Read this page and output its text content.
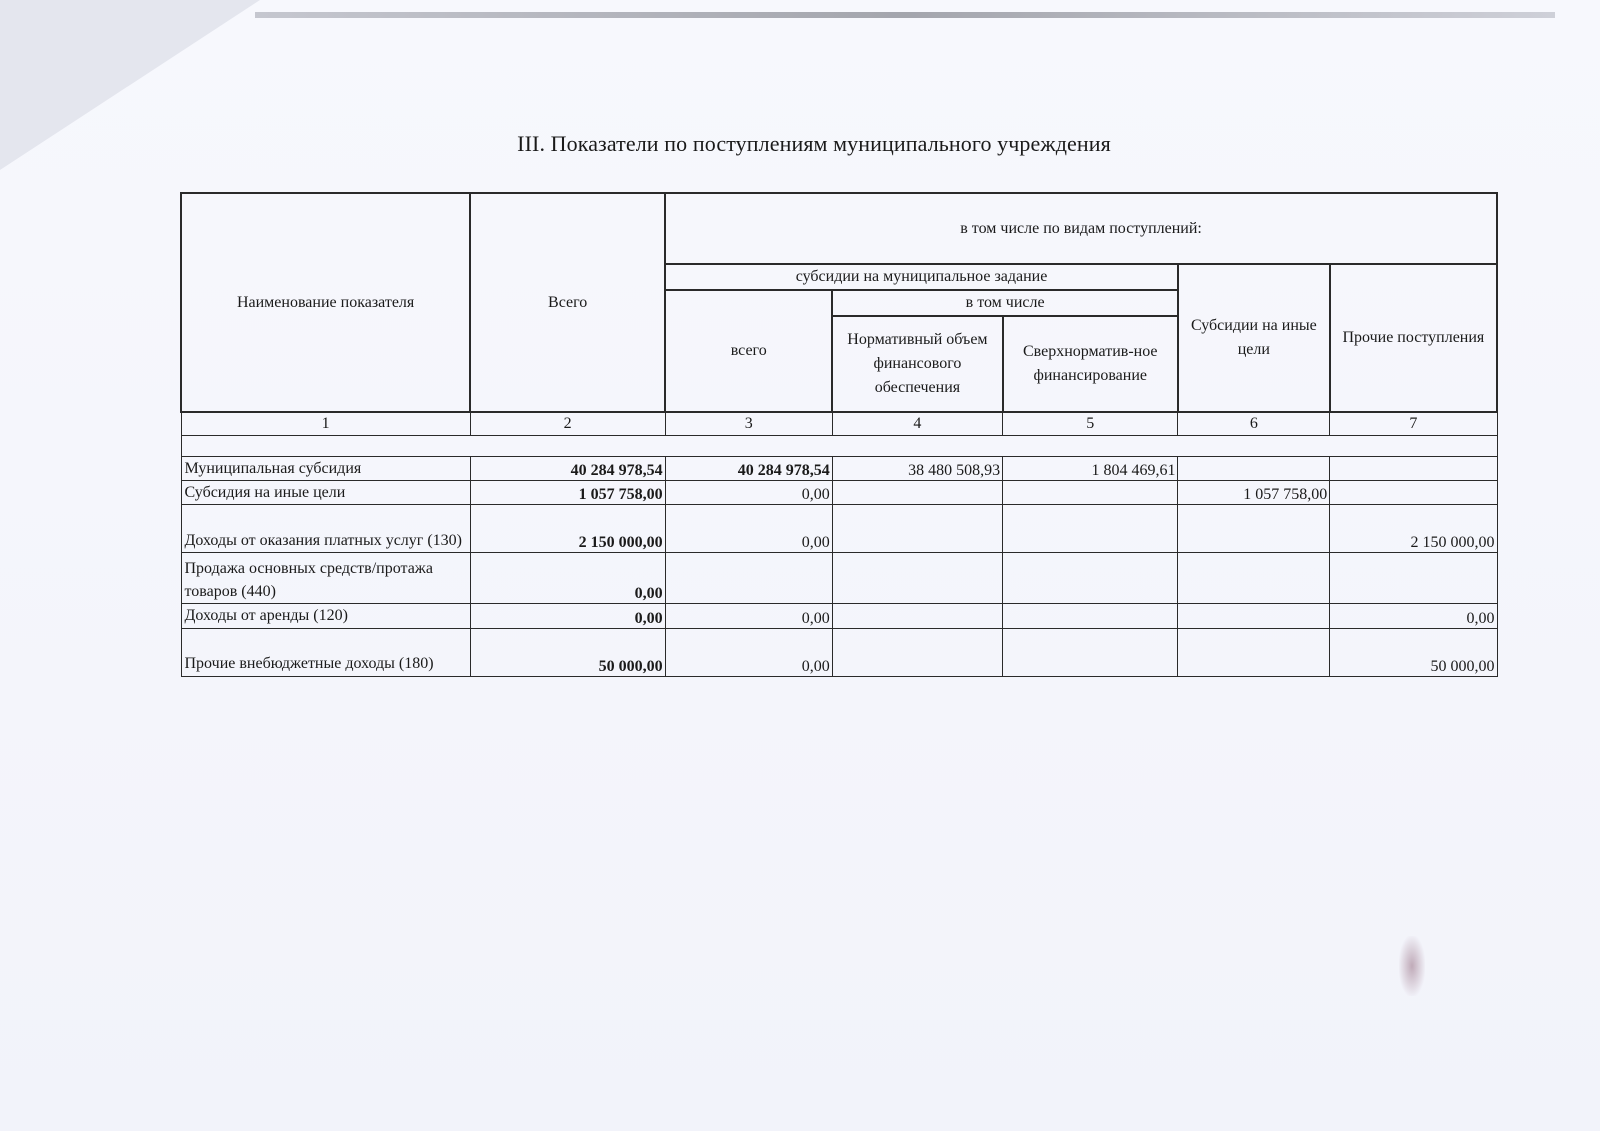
III. Показатели по поступлениям муниципального учреждения
Наименование показателя	Всего	в том числе по видам поступлений:				
		субсидии на муниципальное задание			Субсидии на иные цели	Прочие поступления
		всего	в том числе			
			Нормативный объем финансового обеспечения	Сверхнорматив-ное финансирование		
1	2	3	4	5	6	7

Муниципальная субсидия	40 284 978,54	40 284 978,54	38 480 508,93	1 804 469,61		
Субсидия на иные цели	1 057 758,00	0,00			1 057 758,00	
Доходы от оказания платных услуг (130)	2 150 000,00	0,00				2 150 000,00
Продажа основных средств/протажа товаров (440)	0,00					
Доходы от аренды (120)	0,00	0,00				0,00
Прочие внебюджетные доходы (180)	50 000,00	0,00				50 000,00
